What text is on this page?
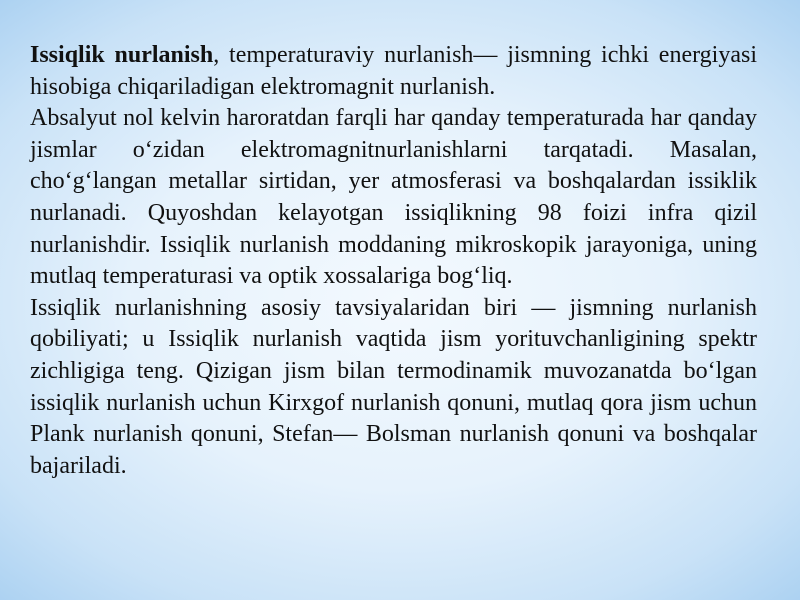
Issiqlik nurlanish, temperaturaviy nurlanish— jismning ichki energiyasi hisobiga chiqariladigan elektromagnit nurlanish.

Absalyut nol kelvin haroratdan farqli har qanday temperaturada har qanday jismlar o‘zidan elektromagnitnurlanishlarni tarqatadi. Masalan, cho‘g‘langan metallar sirtidan, yer atmosferasi va boshqalardan issiklik nurlanadi. Quyoshdan kelayotgan issiqlikning 98 foizi infra qizil nurlanishdir. Issiqlik nurlanish moddaning mikroskopik jarayoniga, uning mutlaq temperaturasi va optik xossalariga bog‘liq.

Issiqlik nurlanishning asosiy tavsiyalaridan biri — jismning nurlanish qobiliyati; u Issiqlik nurlanish vaqtida jism yorituvchanligining spektr zichligiga teng. Qizigan jism bilan termodinamik muvozanatda bo‘lgan issiqlik nurlanish uchun Kirxgof nurlanish qonuni, mutlaq qora jism uchun Plank nurlanish qonuni, Stefan— Bolsman nurlanish qonuni va boshqalar bajariladi.
